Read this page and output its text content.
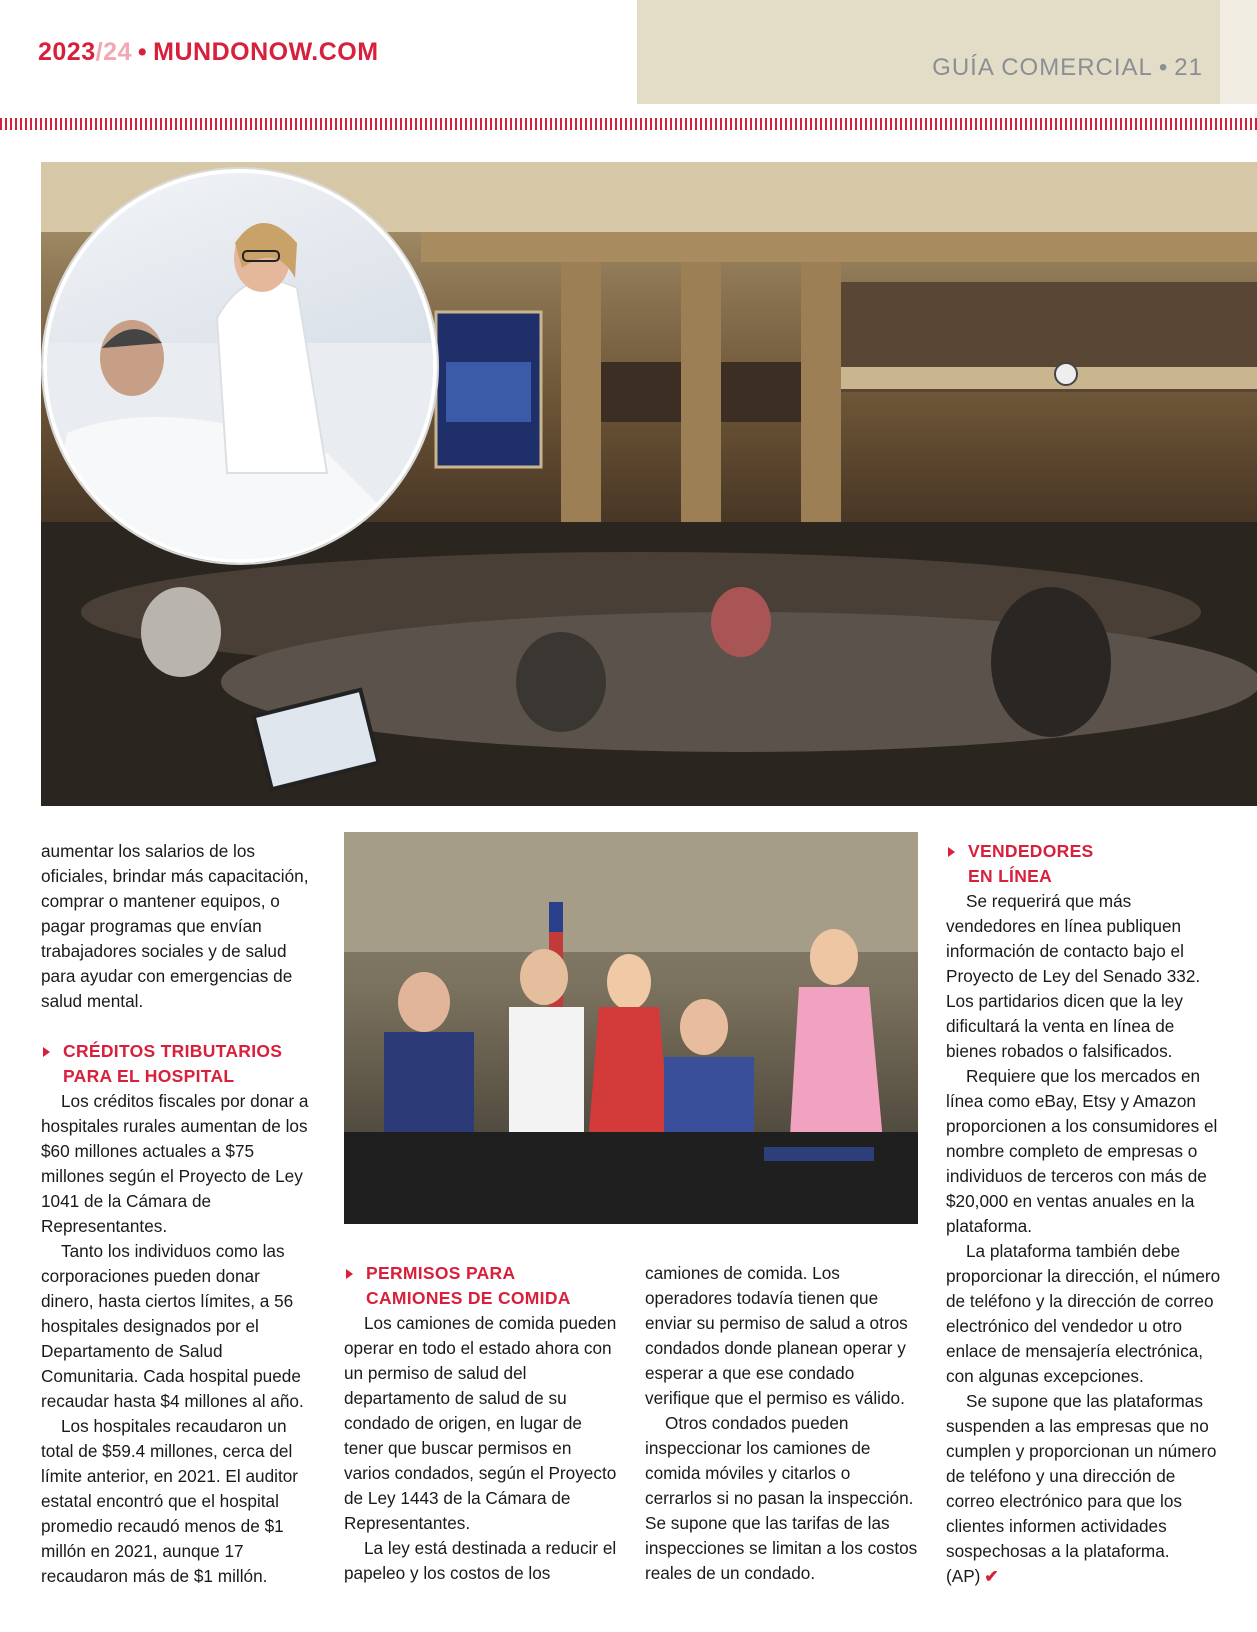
2023/24 • MUNDONOW.COM
GUÍA COMERCIAL • 21

aumentar los salarios de los oficiales, brindar más capacitación, comprar o mantener equipos, o pagar programas que envían trabajadores sociales y de salud para ayudar con emergencias de salud mental.

CRÉDITOS TRIBUTARIOS
PARA EL HOSPITAL

Los créditos fiscales por donar a hospitales rurales aumentan de los $60 millones actuales a $75 millones según el Proyecto de Ley 1041 de la Cámara de Representantes.

Tanto los individuos como las corporaciones pueden donar dinero, hasta ciertos límites, a 56 hospitales designados por el Departamento de Salud Comunitaria. Cada hospital puede recaudar hasta $4 millones al año.

Los hospitales recaudaron un total de $59.4 millones, cerca del límite anterior, en 2021. El auditor estatal encontró que el hospital promedio recaudó menos de $1 millón en 2021, aunque 17 recaudaron más de $1 millón.

PERMISOS PARA
CAMIONES DE COMIDA

Los camiones de comida pueden operar en todo el estado ahora con un permiso de salud del departamento de salud de su condado de origen, en lugar de tener que buscar permisos en varios condados, según el Proyecto de Ley 1443 de la Cámara de Representantes.

La ley está destinada a reducir el papeleo y los costos de los

camiones de comida. Los operadores todavía tienen que enviar su permiso de salud a otros condados donde planean operar y esperar a que ese condado verifique que el permiso es válido.

Otros condados pueden inspeccionar los camiones de comida móviles y citarlos o cerrarlos si no pasan la inspección. Se supone que las tarifas de las inspecciones se limitan a los costos reales de un condado.

VENDEDORES
EN LÍNEA

Se requerirá que más vendedores en línea publiquen información de contacto bajo el Proyecto de Ley del Senado 332. Los partidarios dicen que la ley dificultará la venta en línea de bienes robados o falsificados.

Requiere que los mercados en línea como eBay, Etsy y Amazon proporcionen a los consumidores el nombre completo de empresas o individuos de terceros con más de $20,000 en ventas anuales en la plataforma.

La plataforma también debe proporcionar la dirección, el número de teléfono y la dirección de correo electrónico del vendedor u otro enlace de mensajería electrónica, con algunas excepciones.

Se supone que las plataformas suspenden a las empresas que no cumplen y proporcionan un número de teléfono y una dirección de correo electrónico para que los clientes informen actividades sospechosas a la plataforma. (AP) ✔
